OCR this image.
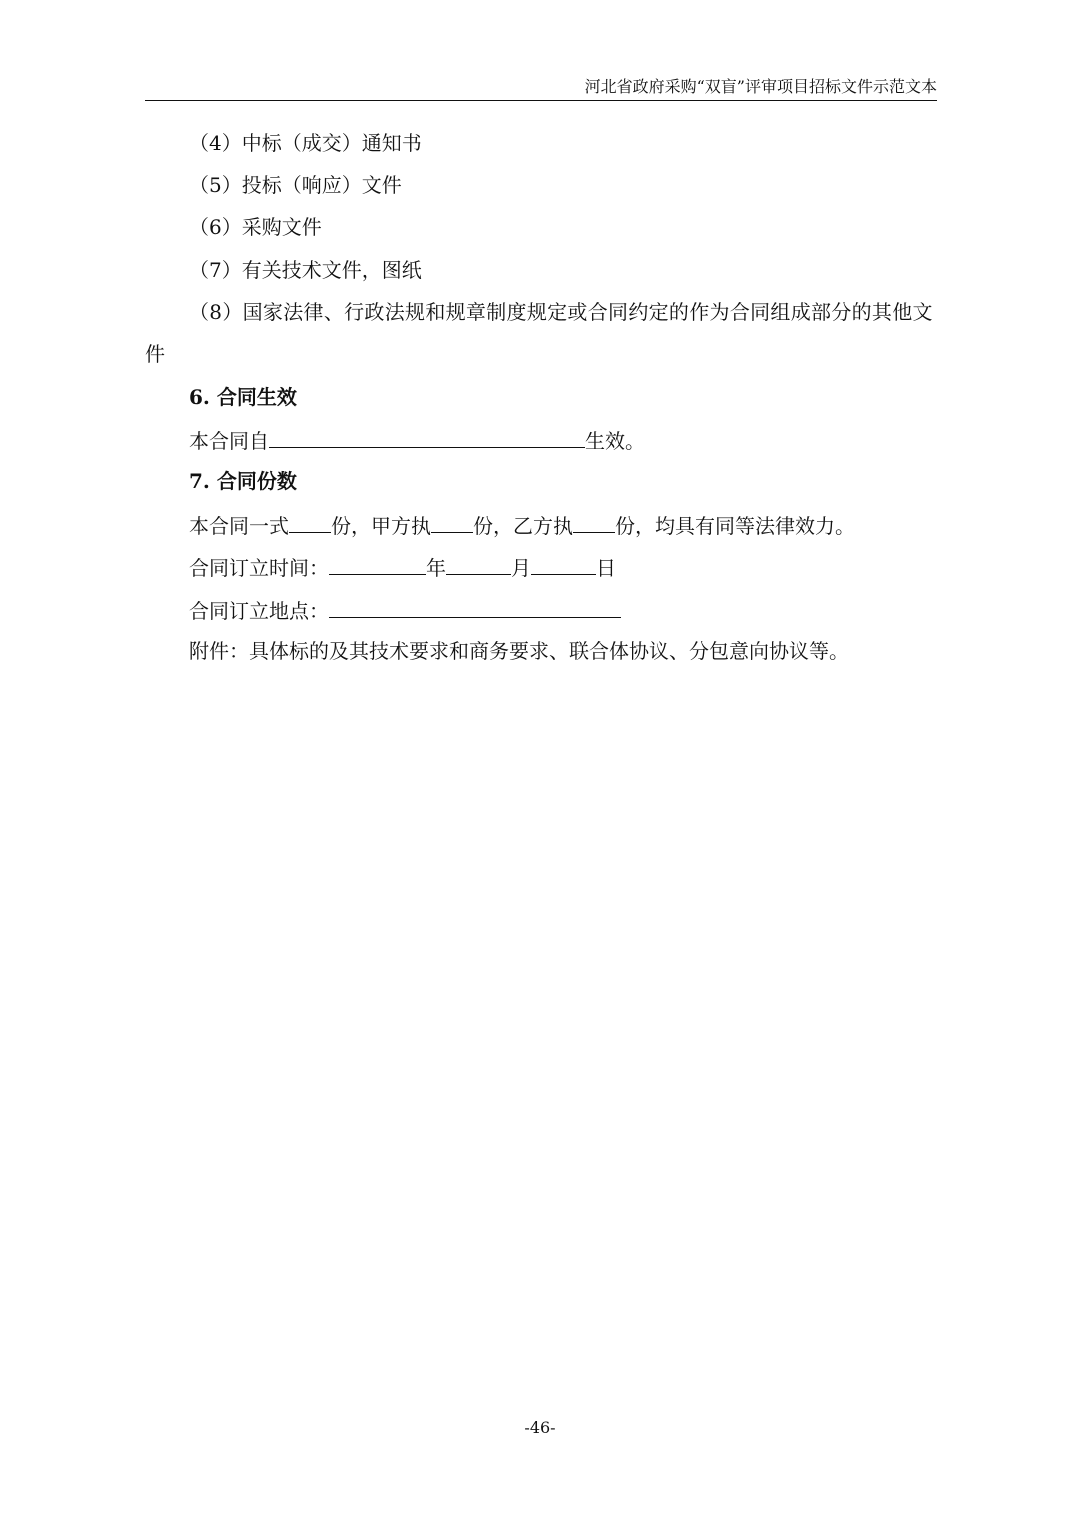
河北省政府采购“双盲”评审项目招标文件示范文本
（4）中标（成交）通知书
（5）投标（响应）文件
（6）采购文件
（7）有关技术文件，图纸
（8）国家法律、行政法规和规章制度规定或合同约定的作为合同组成部分的其他文件
6. 合同生效
本合同自	生效。
7. 合同份数
本合同一式 份，甲方执 份，乙方执 份，均具有同等法律效力。
合同订立时间：	年	月	日
合同订立地点：
附件：具体标的及其技术要求和商务要求、联合体协议、分包意向协议等。
-46-
